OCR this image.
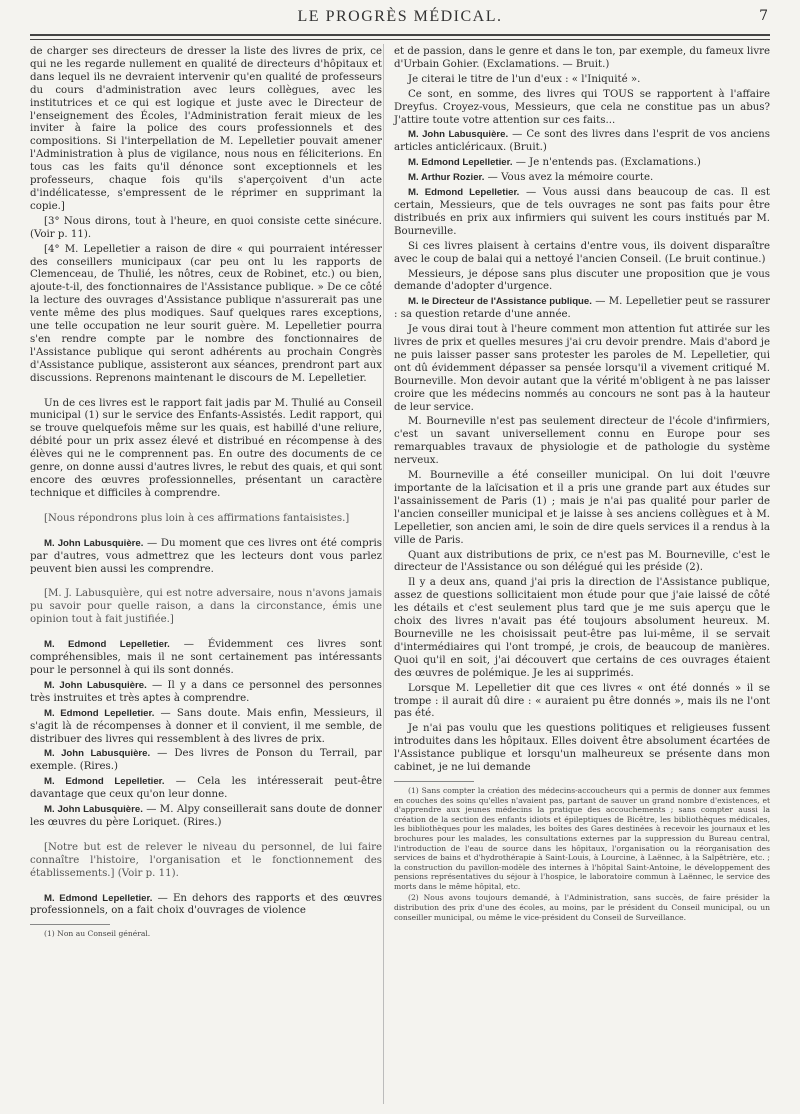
LE PROGRÈS MÉDICAL.	7

de charger ses directeurs de dresser la liste des livres de prix, ce qui ne les regarde nullement en qualité de directeurs d'hôpitaux et dans lequel ils ne devraient intervenir qu'en qualité de professeurs du cours d'administration avec leurs collègues, avec les institutrices et ce qui est logique et juste avec le Directeur de l'enseignement des Écoles, l'Administration ferait mieux de les inviter à faire la police des cours professionnels et des compositions. Si l'interpellation de M. Lepelletier pouvait amener l'Administration à plus de vigilance, nous nous en féliciterions. En tous cas les faits qu'il dénonce sont exceptionnels et les professeurs, chaque fois qu'ils s'aperçoivent d'un acte d'indélicatesse, s'empressent de le réprimer en supprimant la copie.]

[3° Nous dirons, tout à l'heure, en quoi consiste cette sinécure. (Voir p. 11).

[4° M. Lepelletier a raison de dire « qui pourraient intéresser des conseillers municipaux (car peu ont lu les rapports de Clemenceau, de Thulié, les nôtres, ceux de Robinet, etc.) ou bien, ajoute-t-il, des fonctionnaires de l'Assistance publique. » De ce côté la lecture des ouvrages d'Assistance publique n'assurerait pas une vente même des plus modiques. Sauf quelques rares exceptions, une telle occupation ne leur sourit guère. M. Lepelletier pourra s'en rendre compte par le nombre des fonctionnaires de l'Assistance publique qui seront adhérents au prochain Congrès d'Assistance publique, assisteront aux séances, prendront part aux discussions. Reprenons maintenant le discours de M. Lepelletier.

Un de ces livres est le rapport fait jadis par M. Thulié au Conseil municipal (1) sur le service des Enfants-Assistés. Ledit rapport, qui se trouve quelquefois même sur les quais, est habillé d'une reliure, débité pour un prix assez élevé et distribué en récompense à des élèves qui ne le comprennent pas. En outre des documents de ce genre, on donne aussi d'autres livres, le rebut des quais, et qui sont encore des œuvres professionnelles, présentant un caractère technique et difficiles à comprendre.

[Nous répondrons plus loin à ces affirmations fantaisistes.]

M. John Labusquière. — Du moment que ces livres ont été compris par d'autres, vous admettrez que les lecteurs dont vous parlez peuvent bien aussi les comprendre.

[M. J. Labusquière, qui est notre adversaire, nous n'avons jamais pu savoir pour quelle raison, a dans la circonstance, émis une opinion tout à fait justifiée.]

M. Edmond Lepelletier. — Évidemment ces livres sont compréhensibles, mais il ne sont certainement pas intéressants pour le personnel à qui ils sont donnés.

M. John Labusquière. — Il y a dans ce personnel des personnes très instruites et très aptes à comprendre.

M. Edmond Lepelletier. — Sans doute. Mais enfin, Messieurs, il s'agit là de récompenses à donner et il convient, il me semble, de distribuer des livres qui ressemblent à des livres de prix.

M. John Labusquière. — Des livres de Ponson du Terrail, par exemple. (Rires.)

M. Edmond Lepelletier. — Cela les intéresserait peut-être davantage que ceux qu'on leur donne.

M. John Labusquière. — M. Alpy conseillerait sans doute de donner les œuvres du père Loriquet. (Rires.)

[Notre but est de relever le niveau du personnel, de lui faire connaître l'histoire, l'organisation et le fonctionnement des établissements.] (Voir p. 11).

M. Edmond Lepelletier. — En dehors des rapports et des œuvres professionnels, on a fait choix d'ouvrages de violence

(1) Non au Conseil général.

et de passion, dans le genre et dans le ton, par exemple, du fameux livre d'Urbain Gohier. (Exclamations. — Bruit.)

Je citerai le titre de l'un d'eux : « l'Iniquité ».

Ce sont, en somme, des livres qui TOUS se rapportent à l'affaire Dreyfus. Croyez-vous, Messieurs, que cela ne constitue pas un abus? J'attire toute votre attention sur ces faits...

M. John Labusquière. — Ce sont des livres dans l'esprit de vos anciens articles anticléricaux. (Bruit.)

M. Edmond Lepelletier. — Je n'entends pas. (Exclamations.)

M. Arthur Rozier. — Vous avez la mémoire courte.

M. Edmond Lepelletier. — Vous aussi dans beaucoup de cas. Il est certain, Messieurs, que de tels ouvrages ne sont pas faits pour être distribués en prix aux infirmiers qui suivent les cours institués par M. Bourneville.

Si ces livres plaisent à certains d'entre vous, ils doivent disparaître avec le coup de balai qui a nettoyé l'ancien Conseil. (Le bruit continue.)

Messieurs, je dépose sans plus discuter une proposition que je vous demande d'adopter d'urgence.

M. le Directeur de l'Assistance publique. — M. Lepelletier peut se rassurer : sa question retarde d'une année.

Je vous dirai tout à l'heure comment mon attention fut attirée sur les livres de prix et quelles mesures j'ai cru devoir prendre. Mais d'abord je ne puis laisser passer sans protester les paroles de M. Lepelletier, qui ont dû évidemment dépasser sa pensée lorsqu'il a vivement critiqué M. Bourneville. Mon devoir autant que la vérité m'obligent à ne pas laisser croire que les médecins nommés au concours ne sont pas à la hauteur de leur service.

M. Bourneville n'est pas seulement directeur de l'école d'infirmiers, c'est un savant universellement connu en Europe pour ses remarquables travaux de physiologie et de pathologie du système nerveux.

M. Bourneville a été conseiller municipal. On lui doit l'œuvre importante de la laïcisation et il a pris une grande part aux études sur l'assainissement de Paris (1) ; mais je n'ai pas qualité pour parler de l'ancien conseiller municipal et je laisse à ses anciens collègues et à M. Lepelletier, son ancien ami, le soin de dire quels services il a rendus à la ville de Paris.

Quant aux distributions de prix, ce n'est pas M. Bourneville, c'est le directeur de l'Assistance ou son délégué qui les préside (2).

Il y a deux ans, quand j'ai pris la direction de l'Assistance publique, assez de questions sollicitaient mon étude pour que j'aie laissé de côté les détails et c'est seulement plus tard que je me suis aperçu que le choix des livres n'avait pas été toujours absolument heureux. M. Bourneville ne les choisissait peut-être pas lui-même, il se servait d'intermédiaires qui l'ont trompé, je crois, de beaucoup de manières. Quoi qu'il en soit, j'ai découvert que certains de ces ouvrages étaient des œuvres de polémique. Je les ai supprimés.

Lorsque M. Lepelletier dit que ces livres « ont été donnés » il se trompe : il aurait dû dire : « auraient pu être donnés », mais ils ne l'ont pas été.

Je n'ai pas voulu que les questions politiques et religieuses fussent introduites dans les hôpitaux. Elles doivent être absolument écartées de l'Assistance publique et lorsqu'un malheureux se présente dans mon cabinet, je ne lui demande

(1) Sans compter la création des médecins-accoucheurs qui a permis de donner aux femmes en couches des soins qu'elles n'avaient pas, partant de sauver un grand nombre d'existences, et d'apprendre aux jeunes médecins la pratique des accouchements ; sans compter aussi la création de la section des enfants idiots et épileptiques de Bicêtre, les bibliothèques médicales, les bibliothèques pour les malades, les boîtes des Gares destinées à recevoir les journaux et les brochures pour les malades, les consultations externes par la suppression du Bureau central, l'introduction de l'eau de source dans les hôpitaux, l'organisation ou la réorganisation des services de bains et d'hydrothérapie à Saint-Louis, à Lourcine, à Laënnec, à la Salpêtrière, etc. ; la construction du pavillon-modèle des internes à l'hôpital Saint-Antoine, le développement des pensions représentatives du séjour à l'hospice, le laboratoire commun à Laënnec, le service des morts dans le même hôpital, etc.

(2) Nous avons toujours demandé, à l'Administration, sans succès, de faire présider la distribution des prix d'une des écoles, au moins, par le président du Conseil municipal, ou un conseiller municipal, ou même le vice-président du Conseil de Surveillance.
